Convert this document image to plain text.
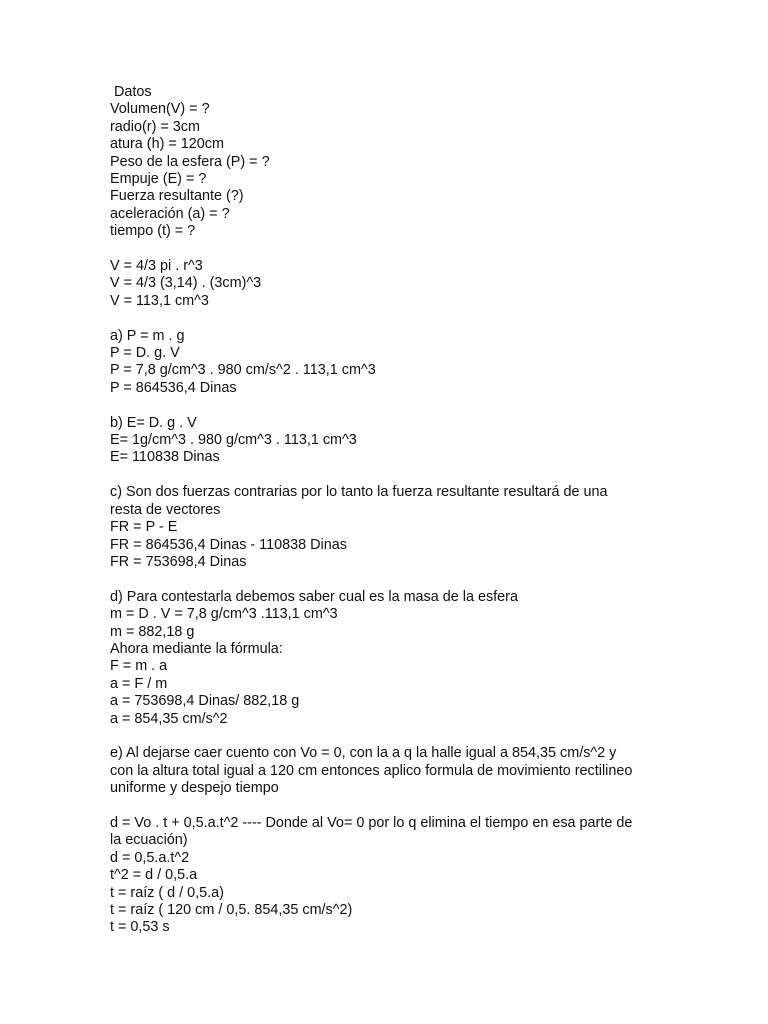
Datos
Volumen(V) = ?
radio(r) = 3cm
atura (h) = 120cm
Peso de la esfera (P) = ?
Empuje (E) = ?
Fuerza resultante (?)
aceleración (a) = ?
tiempo (t) = ?
V = 4/3 pi . r^3
V = 4/3 (3,14) . (3cm)^3
V = 113,1 cm^3
a) P = m . g
P = D. g. V
P = 7,8 g/cm^3 . 980 cm/s^2 . 113,1 cm^3
P = 864536,4 Dinas
b) E= D. g . V
E= 1g/cm^3 . 980 g/cm^3 . 113,1 cm^3
E= 110838 Dinas
c) Son dos fuerzas contrarias por lo tanto la fuerza resultante resultará de una
resta de vectores
FR = P - E
FR = 864536,4 Dinas - 110838 Dinas
FR = 753698,4 Dinas
d) Para contestarla debemos saber cual es la masa de la esfera
m = D . V = 7,8 g/cm^3 .113,1 cm^3
m = 882,18 g
Ahora mediante la fórmula:
F = m . a
a = F / m
a = 753698,4 Dinas/ 882,18 g
a = 854,35 cm/s^2
e) Al dejarse caer cuento con Vo = 0, con la a q la halle igual a 854,35 cm/s^2 y
con la altura total igual a 120 cm entonces aplico formula de movimiento rectilineo
uniforme y despejo tiempo
d = Vo . t + 0,5.a.t^2 ---- Donde al Vo= 0 por lo q elimina el tiempo en esa parte de
la ecuación)
d = 0,5.a.t^2
t^2 = d / 0,5.a
t = raíz ( d / 0,5.a)
t = raíz ( 120 cm / 0,5. 854,35 cm/s^2)
t = 0,53 s
